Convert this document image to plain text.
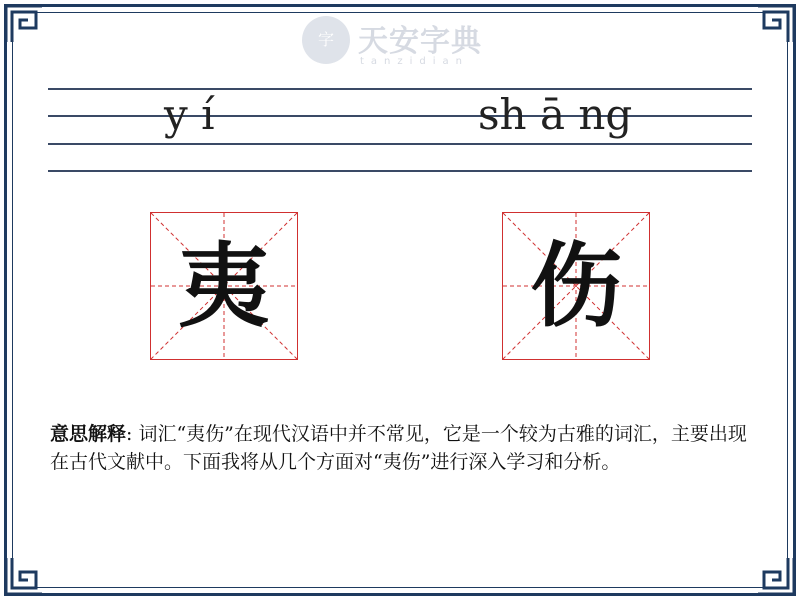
字 天安字典
tanzidian
y í	sh ā ng
夷	伤
意思解释: 词汇“夷伤”在现代汉语中并不常见，它是一个较为古雅的词汇，主要出现在古代文献中。下面我将从几个方面对“夷伤”进行深入学习和分析。
